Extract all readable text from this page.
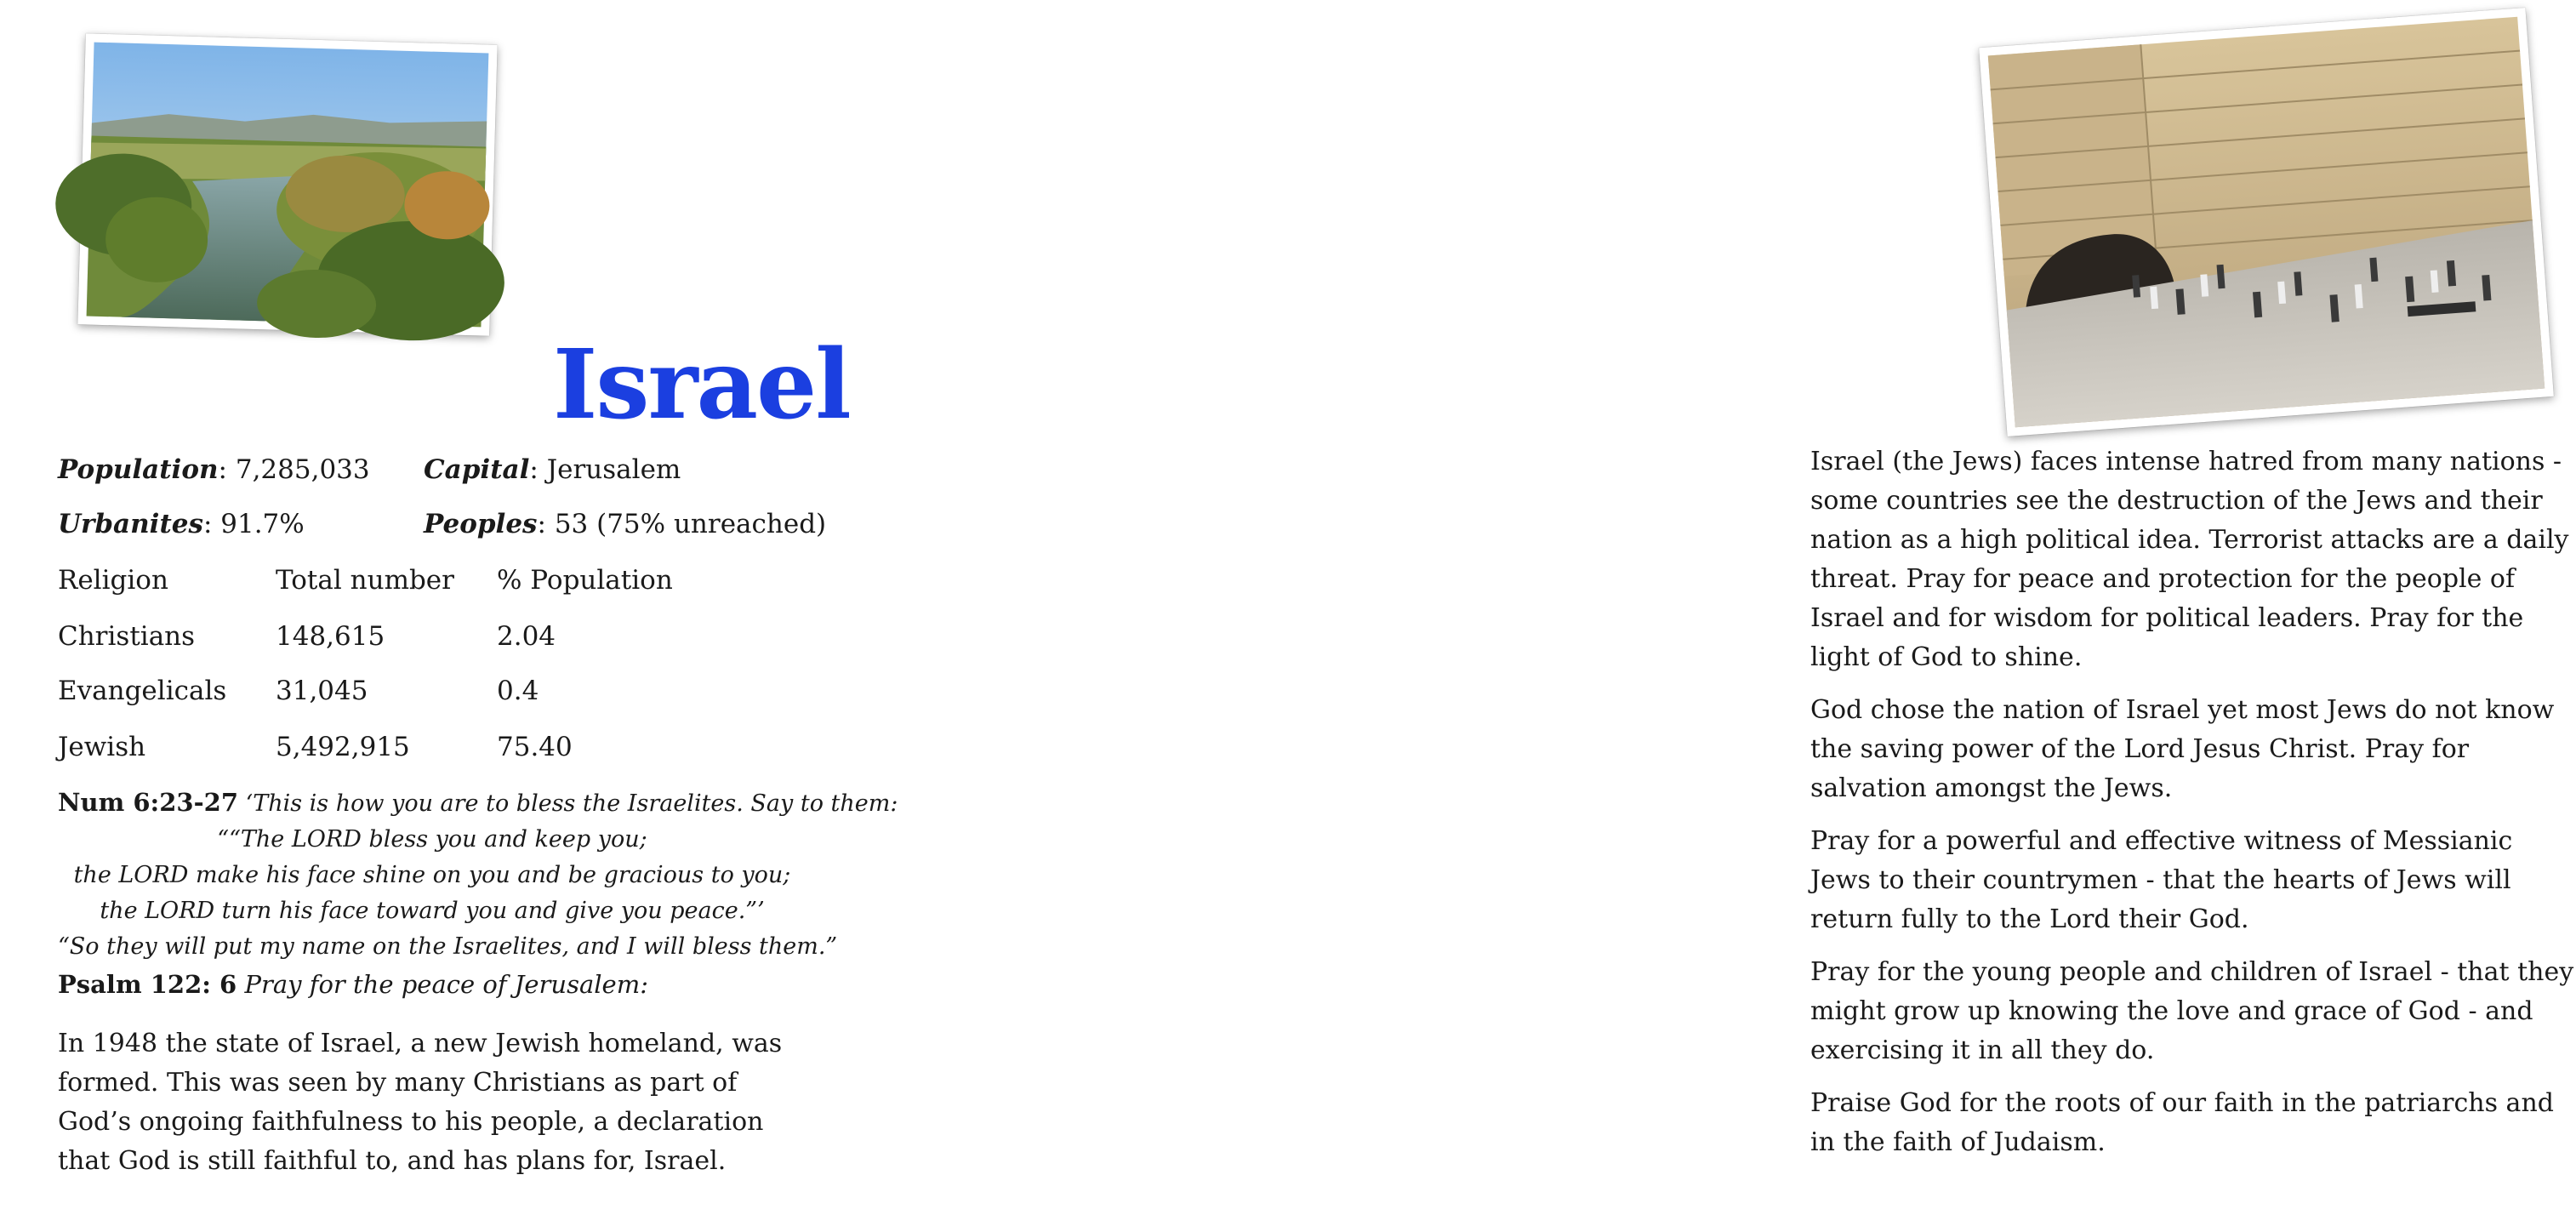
Israel
Population: 7,285,033 Capital: Jerusalem
Urbanites: 91.7%	Peoples: 53 (75% unreached)
Religion	Total number % Population
Christians	148,615	2.04
Evangelicals 31,045	0.4
Jewish	5,492,915	75.40
Num 6:23-27 ‘This is how you are to bless the Israelites. Say to them:
““The LORD bless you and keep you;
the LORD make his face shine on you and be gracious to you;
the LORD turn his face toward you and give you peace.”’
“So they will put my name on the Israelites, and I will bless them.”
Psalm 122: 6 Pray for the peace of Jerusalem:
In 1948 the state of Israel, a new Jewish homeland, was formed. This was seen by many Christians as part of God’s ongoing faithfulness to his people, a declaration that God is still faithful to, and has plans for, Israel.

Israel (the Jews) faces intense hatred from many nations - some countries see the destruction of the Jews and their nation as a high political idea. Terrorist attacks are a daily threat. Pray for peace and protection for the people of Israel and for wisdom for political leaders. Pray for the light of God to shine.

God chose the nation of Israel yet most Jews do not know the saving power of the Lord Jesus Christ. Pray for salvation amongst the Jews.

Pray for a powerful and effective witness of Messianic Jews to their countrymen - that the hearts of Jews will return fully to the Lord their God.

Pray for the young people and children of Israel - that they might grow up knowing the love and grace of God - and exercising it in all they do.

Praise God for the roots of our faith in the patriarchs and in the faith of Judaism.
